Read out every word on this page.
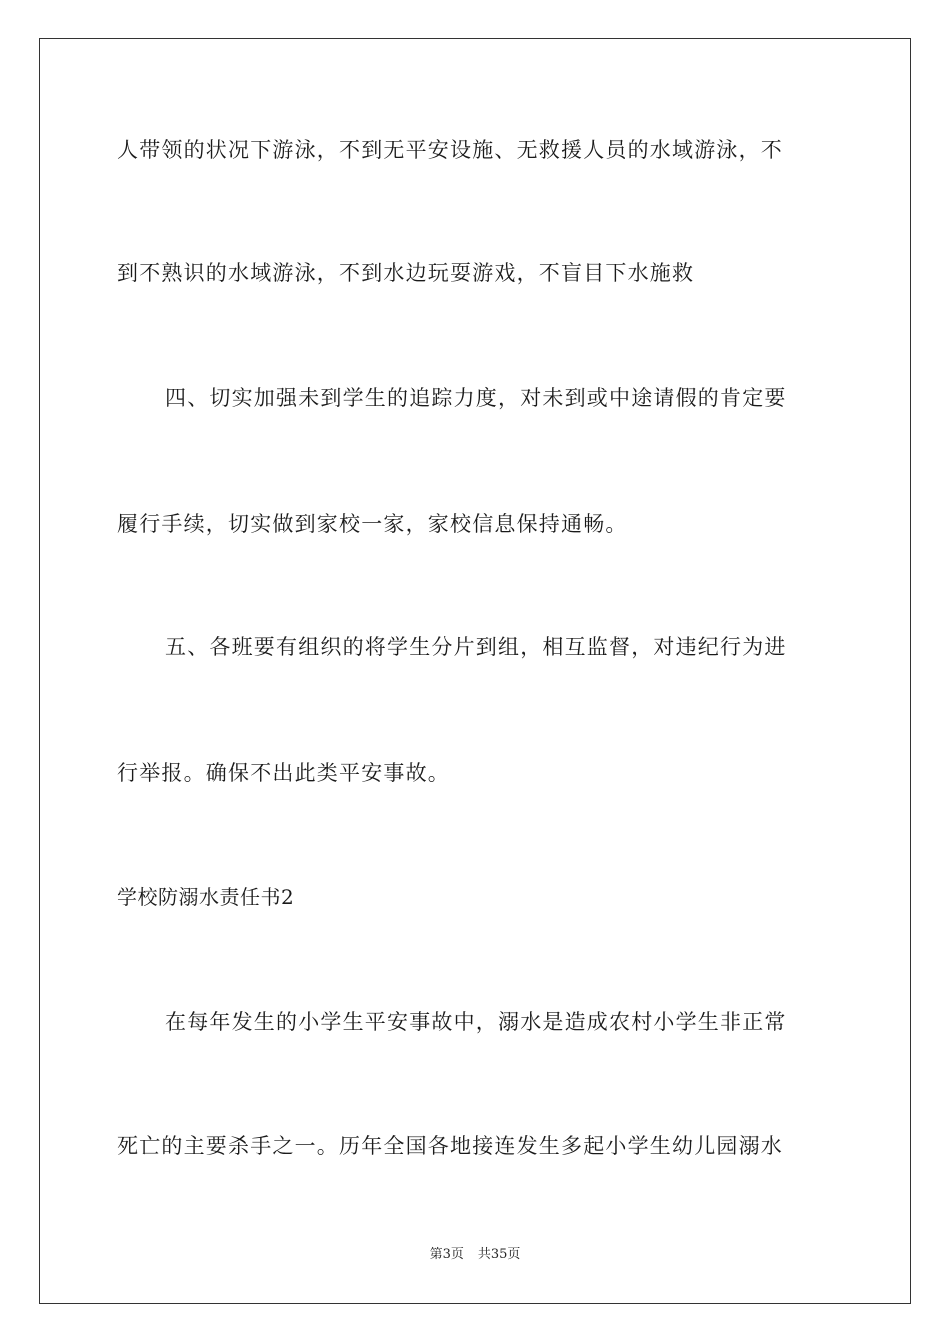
人带领的状况下游泳，不到无平安设施、无救援人员的水域游泳，不
到不熟识的水域游泳，不到水边玩耍游戏，不盲目下水施救
四、切实加强未到学生的追踪力度，对未到或中途请假的肯定要
履行手续，切实做到家校一家，家校信息保持通畅。
五、各班要有组织的将学生分片到组，相互监督，对违纪行为进
行举报。确保不出此类平安事故。
学校防溺水责任书2
在每年发生的小学生平安事故中，溺水是造成农村小学生非正常
死亡的主要杀手之一。历年全国各地接连发生多起小学生幼儿园溺水
第3页 共35页
